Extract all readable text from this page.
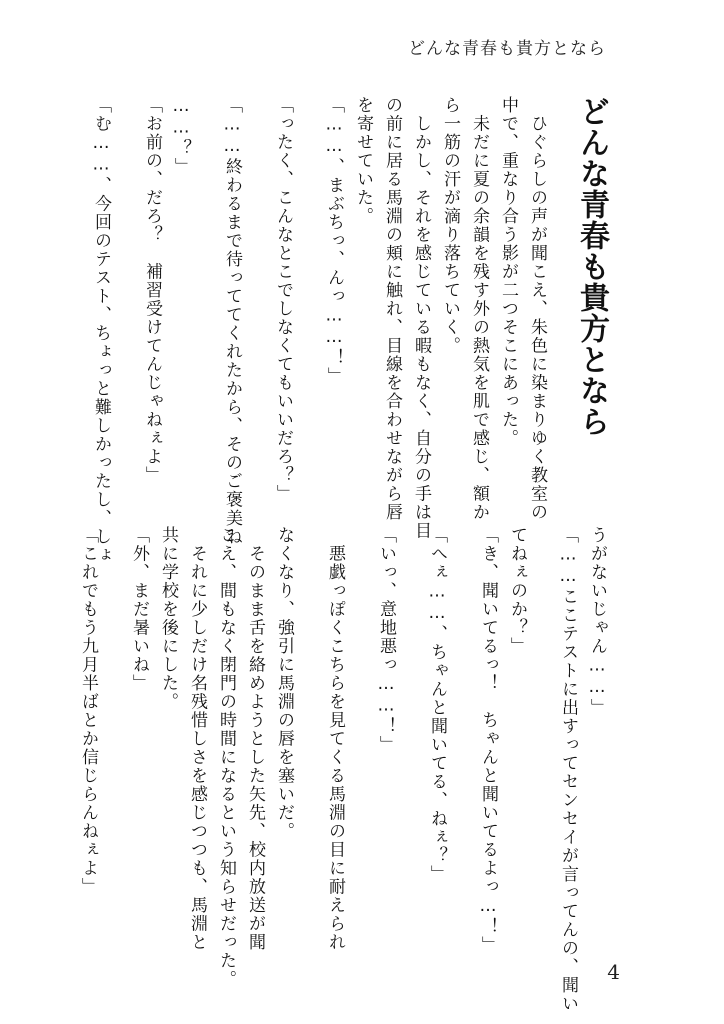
どんな青春も貴方となら
どんな青春も貴方となら

　ひぐらしの声が聞こえ、朱色に染まりゆく教室の

中で、重なり合う影が二つそこにあった。

　未だに夏の余韻を残す外の熱気を肌で感じ、額か

ら一筋の汗が滴り落ちていく。

　しかし、それを感じている暇もなく、自分の手は目

の前に居る馬淵の頬に触れ、目線を合わせながら唇

を寄せていた。

「……、まぶちっ、んっ……！」

「ったく、こんなとこでしなくてもいいだろ？」

「……終わるまで待っててくれたから、そのご褒美ね

……？」

「お前の、だろ？　補習受けてんじゃねぇよ」

「む……、今回のテスト、ちょっと難しかったし、しょ

うがないじゃん……」

「……ここテストに出すってセンセイが言ってんの、聞い

てねぇのか？」

「き、聞いてるっ！　ちゃんと聞いてるよっ…！」

「へぇ……、ちゃんと聞いてる、ねぇ？」

「いっ、意地悪っ……！」

　悪戯っぽくこちらを見てくる馬淵の目に耐えられ

なくなり、強引に馬淵の唇を塞いだ。

　そのまま舌を絡めようとした矢先、校内放送が聞

こえ、間もなく閉門の時間になるという知らせだった。

　それに少しだけ名残惜しさを感じつつも、馬淵と

共に学校を後にした。

「外、まだ暑いね」

「これでもう九月半ばとか信じらんねぇよ」

4
